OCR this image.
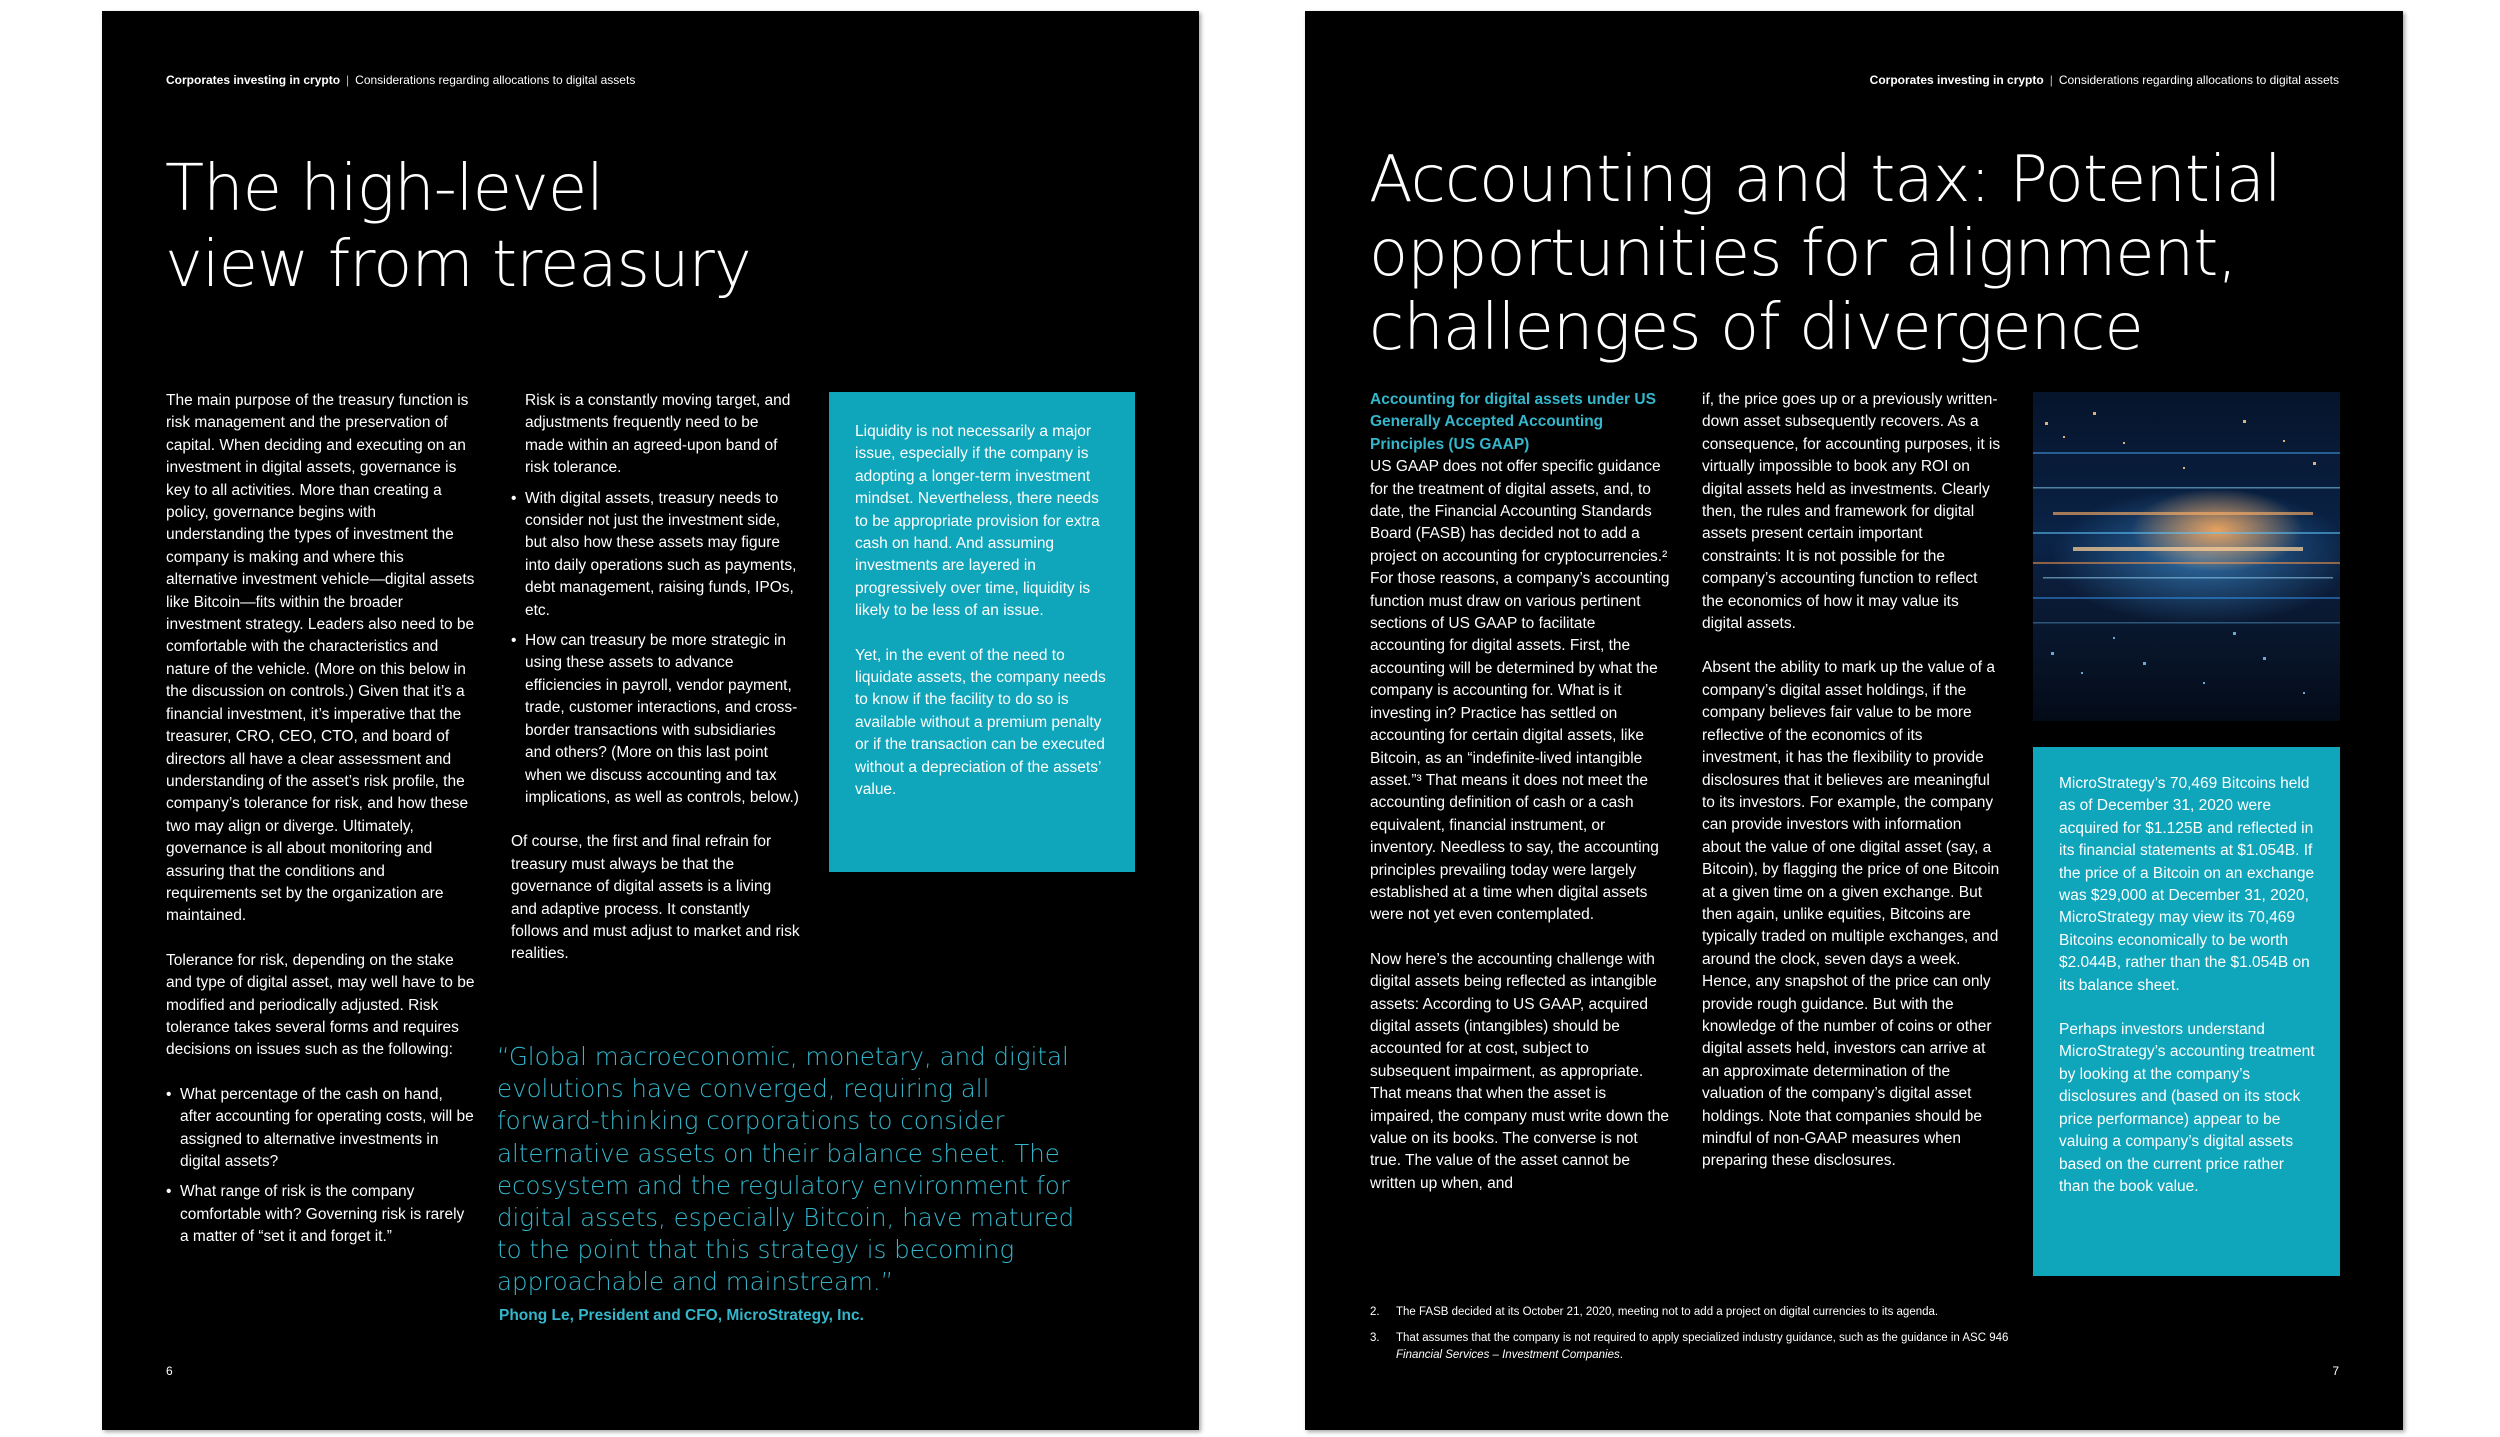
Corporates investing in crypto | Considerations regarding allocations to digital assets
The high-level
view from treasury

The main purpose of the treasury function is risk management and the preservation of capital. When deciding and executing on an investment in digital assets, governance is key to all activities. More than creating a policy, governance begins with understanding the types of investment the company is making and where this alternative investment vehicle—digital assets like Bitcoin—fits within the broader investment strategy. Leaders also need to be comfortable with the characteristics and nature of the vehicle. (More on this below in the discussion on controls.) Given that it’s a financial investment, it’s imperative that the treasurer, CRO, CEO, CTO, and board of directors all have a clear assessment and understanding of the asset’s risk profile, the company’s tolerance for risk, and how these two may align or diverge. Ultimately, governance is all about monitoring and assuring that the conditions and requirements set by the organization are maintained.

Tolerance for risk, depending on the stake and type of digital asset, may well have to be modified and periodically adjusted. Risk tolerance takes several forms and requires decisions on issues such as the following:

• What percentage of the cash on hand, after accounting for operating costs, will be assigned to alternative investments in digital assets?
• What range of risk is the company comfortable with? Governing risk is rarely a matter of “set it and forget it.”

Risk is a constantly moving target, and adjustments frequently need to be made within an agreed-upon band of risk tolerance.

• With digital assets, treasury needs to consider not just the investment side, but also how these assets may figure into daily operations such as payments, debt management, raising funds, IPOs, etc.
• How can treasury be more strategic in using these assets to advance efficiencies in payroll, vendor payment, trade, customer interactions, and cross-border transactions with subsidiaries and others? (More on this last point when we discuss accounting and tax implications, as well as controls, below.)

Of course, the first and final refrain for treasury must always be that the governance of digital assets is a living and adaptive process. It constantly follows and must adjust to market and risk realities.

Liquidity is not necessarily a major issue, especially if the company is adopting a longer-term investment mindset. Nevertheless, there needs to be appropriate provision for extra cash on hand. And assuming investments are layered in progressively over time, liquidity is likely to be less of an issue.

Yet, in the event of the need to liquidate assets, the company needs to know if the facility to do so is available without a premium penalty or if the transaction can be executed without a depreciation of the assets’ value.

“Global macroeconomic, monetary, and digital evolutions have converged, requiring all forward-thinking corporations to consider alternative assets on their balance sheet. The ecosystem and the regulatory environment for digital assets, especially Bitcoin, have matured to the point that this strategy is becoming approachable and mainstream.”
Phong Le, President and CFO, MicroStrategy, Inc.
6
Corporates investing in crypto | Considerations regarding allocations to digital assets
Accounting and tax: Potential
opportunities for alignment,
challenges of divergence

Accounting for digital assets under US Generally Accepted Accounting Principles (US GAAP)

US GAAP does not offer specific guidance for the treatment of digital assets, and, to date, the Financial Accounting Standards Board (FASB) has decided not to add a project on accounting for cryptocurrencies.² For those reasons, a company’s accounting function must draw on various pertinent sections of US GAAP to facilitate accounting for digital assets. First, the accounting will be determined by what the company is accounting for. What is it investing in? Practice has settled on accounting for certain digital assets, like Bitcoin, as an “indefinite-lived intangible asset.”³ That means it does not meet the accounting definition of cash or a cash equivalent, financial instrument, or inventory. Needless to say, the accounting principles prevailing today were largely established at a time when digital assets were not yet even contemplated.

Now here’s the accounting challenge with digital assets being reflected as intangible assets: According to US GAAP, acquired digital assets (intangibles) should be accounted for at cost, subject to subsequent impairment, as appropriate. That means that when the asset is impaired, the company must write down the value on its books. The converse is not true. The value of the asset cannot be written up when, and

if, the price goes up or a previously written-down asset subsequently recovers. As a consequence, for accounting purposes, it is virtually impossible to book any ROI on digital assets held as investments. Clearly then, the rules and framework for digital assets present certain important constraints: It is not possible for the company’s accounting function to reflect the economics of how it may value its digital assets.

Absent the ability to mark up the value of a company’s digital asset holdings, if the company believes fair value to be more reflective of the economics of its investment, it has the flexibility to provide disclosures that it believes are meaningful to its investors. For example, the company can provide investors with information about the value of one digital asset (say, a Bitcoin), by flagging the price of one Bitcoin at a given time on a given exchange. But then again, unlike equities, Bitcoins are typically traded on multiple exchanges, and around the clock, seven days a week. Hence, any snapshot of the price can only provide rough guidance. But with the knowledge of the number of coins or other digital assets held, investors can arrive at an approximate determination of the valuation of the company’s digital asset holdings. Note that companies should be mindful of non-GAAP measures when preparing these disclosures.

MicroStrategy’s 70,469 Bitcoins held as of December 31, 2020 were acquired for $1.125B and reflected in its financial statements at $1.054B. If the price of a Bitcoin on an exchange was $29,000 at December 31, 2020, MicroStrategy may view its 70,469 Bitcoins economically to be worth $2.044B, rather than the $1.054B on its balance sheet.

Perhaps investors understand MicroStrategy’s accounting treatment by looking at the company’s disclosures and (based on its stock price performance) appear to be valuing a company’s digital assets based on the current price rather than the book value.

2.	The FASB decided at its October 21, 2020, meeting not to add a project on digital currencies to its agenda.
3.	That assumes that the company is not required to apply specialized industry guidance, such as the guidance in ASC 946 Financial Services – Investment Companies.
7
